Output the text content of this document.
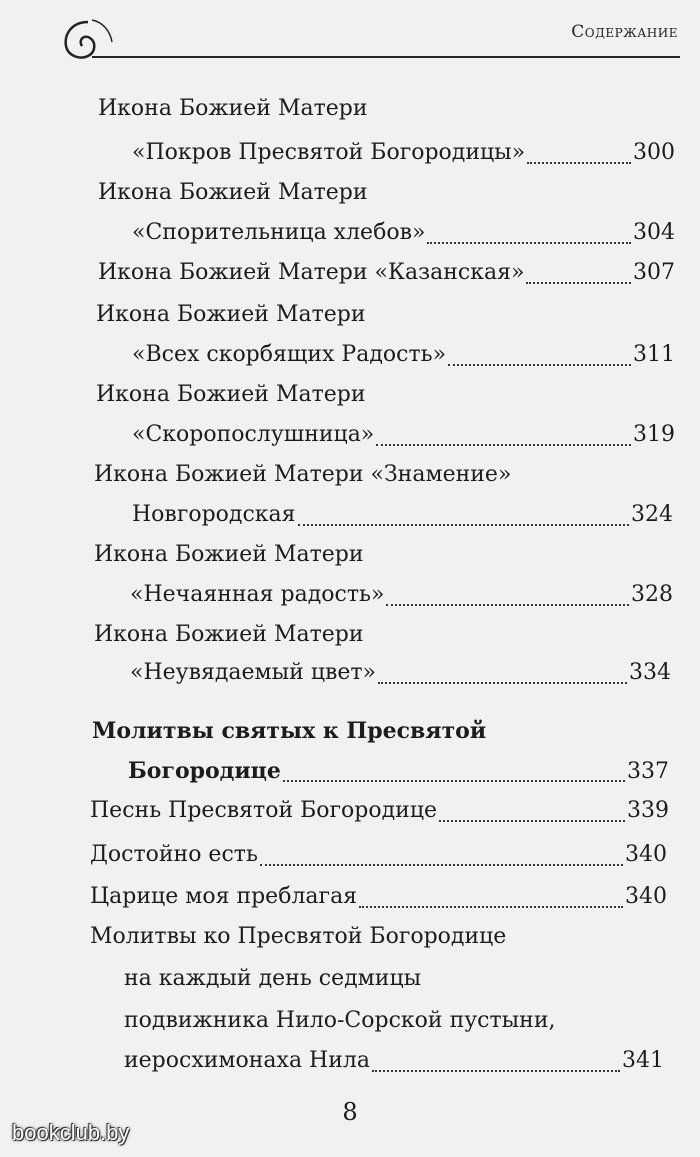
Содержание
Икона Божией Матери
«Покров Пресвятой Богородицы»	300
Икона Божией Матери
«Спорительница хлебов»	304
Икона Божией Матери «Казанская»	307
Икона Божией Матери
«Всех скорбящих Радость»	311
Икона Божией Матери
«Скоропослушница»	319
Икона Божией Матери «Знамение»
Новгородская	324
Икона Божией Матери
«Нечаянная радость»	328
Икона Божией Матери
«Неувядаемый цвет»	334
Молитвы святых к Пресвятой
Богородице	337
Песнь Пресвятой Богородице	339
Достойно есть	340
Царице моя преблагая	340
Молитвы ко Пресвятой Богородице
на каждый день седмицы
подвижника Нило-Сорской пустыни,
иеросхимонаха Нила	341
8
bookclub.by
